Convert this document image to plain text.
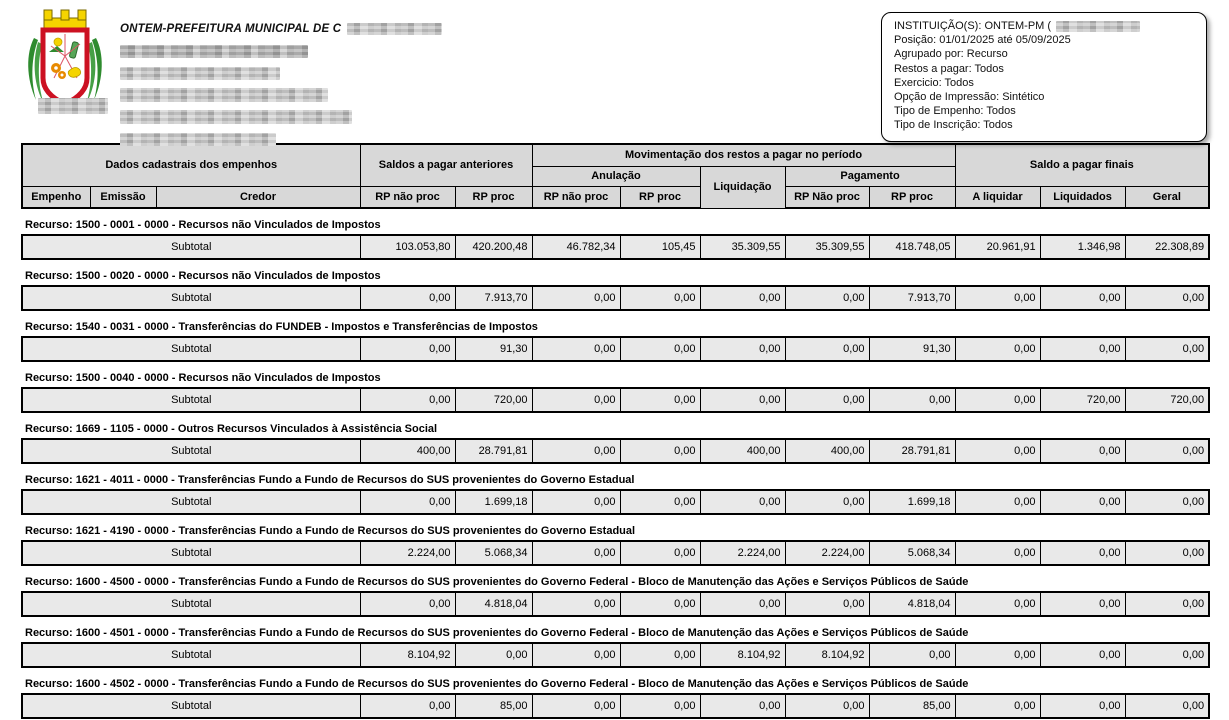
ONTEM-PREFEITURA MUNICIPAL DE C	INSTITUIÇÃO(S): ONTEM-PM (
Posição: 01/01/2025 até 05/09/2025
Agrupado por: Recurso
Restos a pagar: Todos
Exercicio: Todos
Opção de Impressão: Sintético
Tipo de Empenho: Todos
Tipo de Inscrição: Todos
Dados cadastrais dos empenhos			Saldos a pagar anteriores		Movimentação dos restos a pagar no período					Saldo a pagar finais		
					Anulação		Liquidação	Pagamento				
Empenho	Emissão	Credor	RP não proc	RP proc	RP não proc	RP proc		RP Não proc	RP proc	A liquidar	Liquidados	Geral

Recurso: 1500 - 0001 - 0000 - Recursos não Vinculados de Impostos												
Subtotal			103.053,80	420.200,48	46.782,34	105,45	35.309,55	35.309,55	418.748,05	20.961,91	1.346,98	22.308,89

Recurso: 1500 - 0020 - 0000 - Recursos não Vinculados de Impostos												
Subtotal			0,00	7.913,70	0,00	0,00	0,00	0,00	7.913,70	0,00	0,00	0,00

Recurso: 1540 - 0031 - 0000 - Transferências do FUNDEB - Impostos e Transferências de Impostos												
Subtotal			0,00	91,30	0,00	0,00	0,00	0,00	91,30	0,00	0,00	0,00

Recurso: 1500 - 0040 - 0000 - Recursos não Vinculados de Impostos												
Subtotal			0,00	720,00	0,00	0,00	0,00	0,00	0,00	0,00	720,00	720,00

Recurso: 1669 - 1105 - 0000 - Outros Recursos Vinculados à Assistência Social												
Subtotal			400,00	28.791,81	0,00	0,00	400,00	400,00	28.791,81	0,00	0,00	0,00

Recurso: 1621 - 4011 - 0000 - Transferências Fundo a Fundo de Recursos do SUS provenientes do Governo Estadual												
Subtotal			0,00	1.699,18	0,00	0,00	0,00	0,00	1.699,18	0,00	0,00	0,00

Recurso: 1621 - 4190 - 0000 - Transferências Fundo a Fundo de Recursos do SUS provenientes do Governo Estadual												
Subtotal			2.224,00	5.068,34	0,00	0,00	2.224,00	2.224,00	5.068,34	0,00	0,00	0,00

Recurso: 1600 - 4500 - 0000 - Transferências Fundo a Fundo de Recursos do SUS provenientes do Governo Federal - Bloco de Manutenção das Ações e Serviços Públicos de Saúde												
Subtotal			0,00	4.818,04	0,00	0,00	0,00	0,00	4.818,04	0,00	0,00	0,00

Recurso: 1600 - 4501 - 0000 - Transferências Fundo a Fundo de Recursos do SUS provenientes do Governo Federal - Bloco de Manutenção das Ações e Serviços Públicos de Saúde												
Subtotal			8.104,92	0,00	0,00	0,00	8.104,92	8.104,92	0,00	0,00	0,00	0,00

Recurso: 1600 - 4502 - 0000 - Transferências Fundo a Fundo de Recursos do SUS provenientes do Governo Federal - Bloco de Manutenção das Ações e Serviços Públicos de Saúde												
Subtotal			0,00	85,00	0,00	0,00	0,00	0,00	85,00	0,00	0,00	0,00
